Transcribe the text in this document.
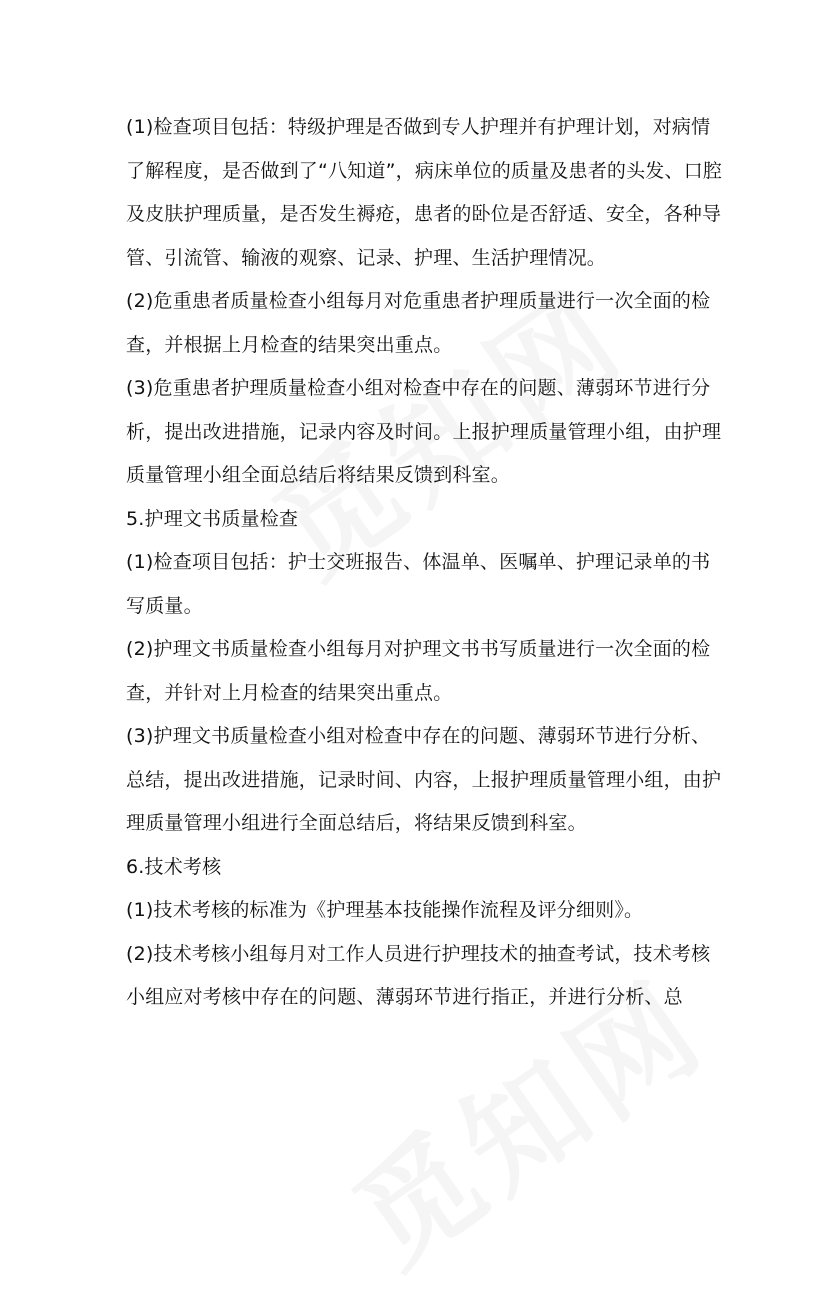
(1)检查项目包括：特级护理是否做到专人护理并有护理计划，对病情了解程度，是否做到了“八知道”，病床单位的质量及患者的头发、口腔及皮肤护理质量，是否发生褥疮，患者的卧位是否舒适、安全，各种导管、引流管、输液的观察、记录、护理、生活护理情况。

(2)危重患者质量检查小组每月对危重患者护理质量进行一次全面的检查，并根据上月检查的结果突出重点。

(3)危重患者护理质量检查小组对检查中存在的问题、薄弱环节进行分析，提出改进措施，记录内容及时间。上报护理质量管理小组，由护理质量管理小组全面总结后将结果反馈到科室。

5.护理文书质量检查

(1)检查项目包括：护士交班报告、体温单、医嘱单、护理记录单的书写质量。

(2)护理文书质量检查小组每月对护理文书书写质量进行一次全面的检查，并针对上月检查的结果突出重点。

(3)护理文书质量检查小组对检查中存在的问题、薄弱环节进行分析、总结，提出改进措施，记录时间、内容，上报护理质量管理小组，由护理质量管理小组进行全面总结后，将结果反馈到科室。

6.技术考核

(1)技术考核的标准为《护理基本技能操作流程及评分细则》。

(2)技术考核小组每月对工作人员进行护理技术的抽查考试，技术考核小组应对考核中存在的问题、薄弱环节进行指正，并进行分析、总
